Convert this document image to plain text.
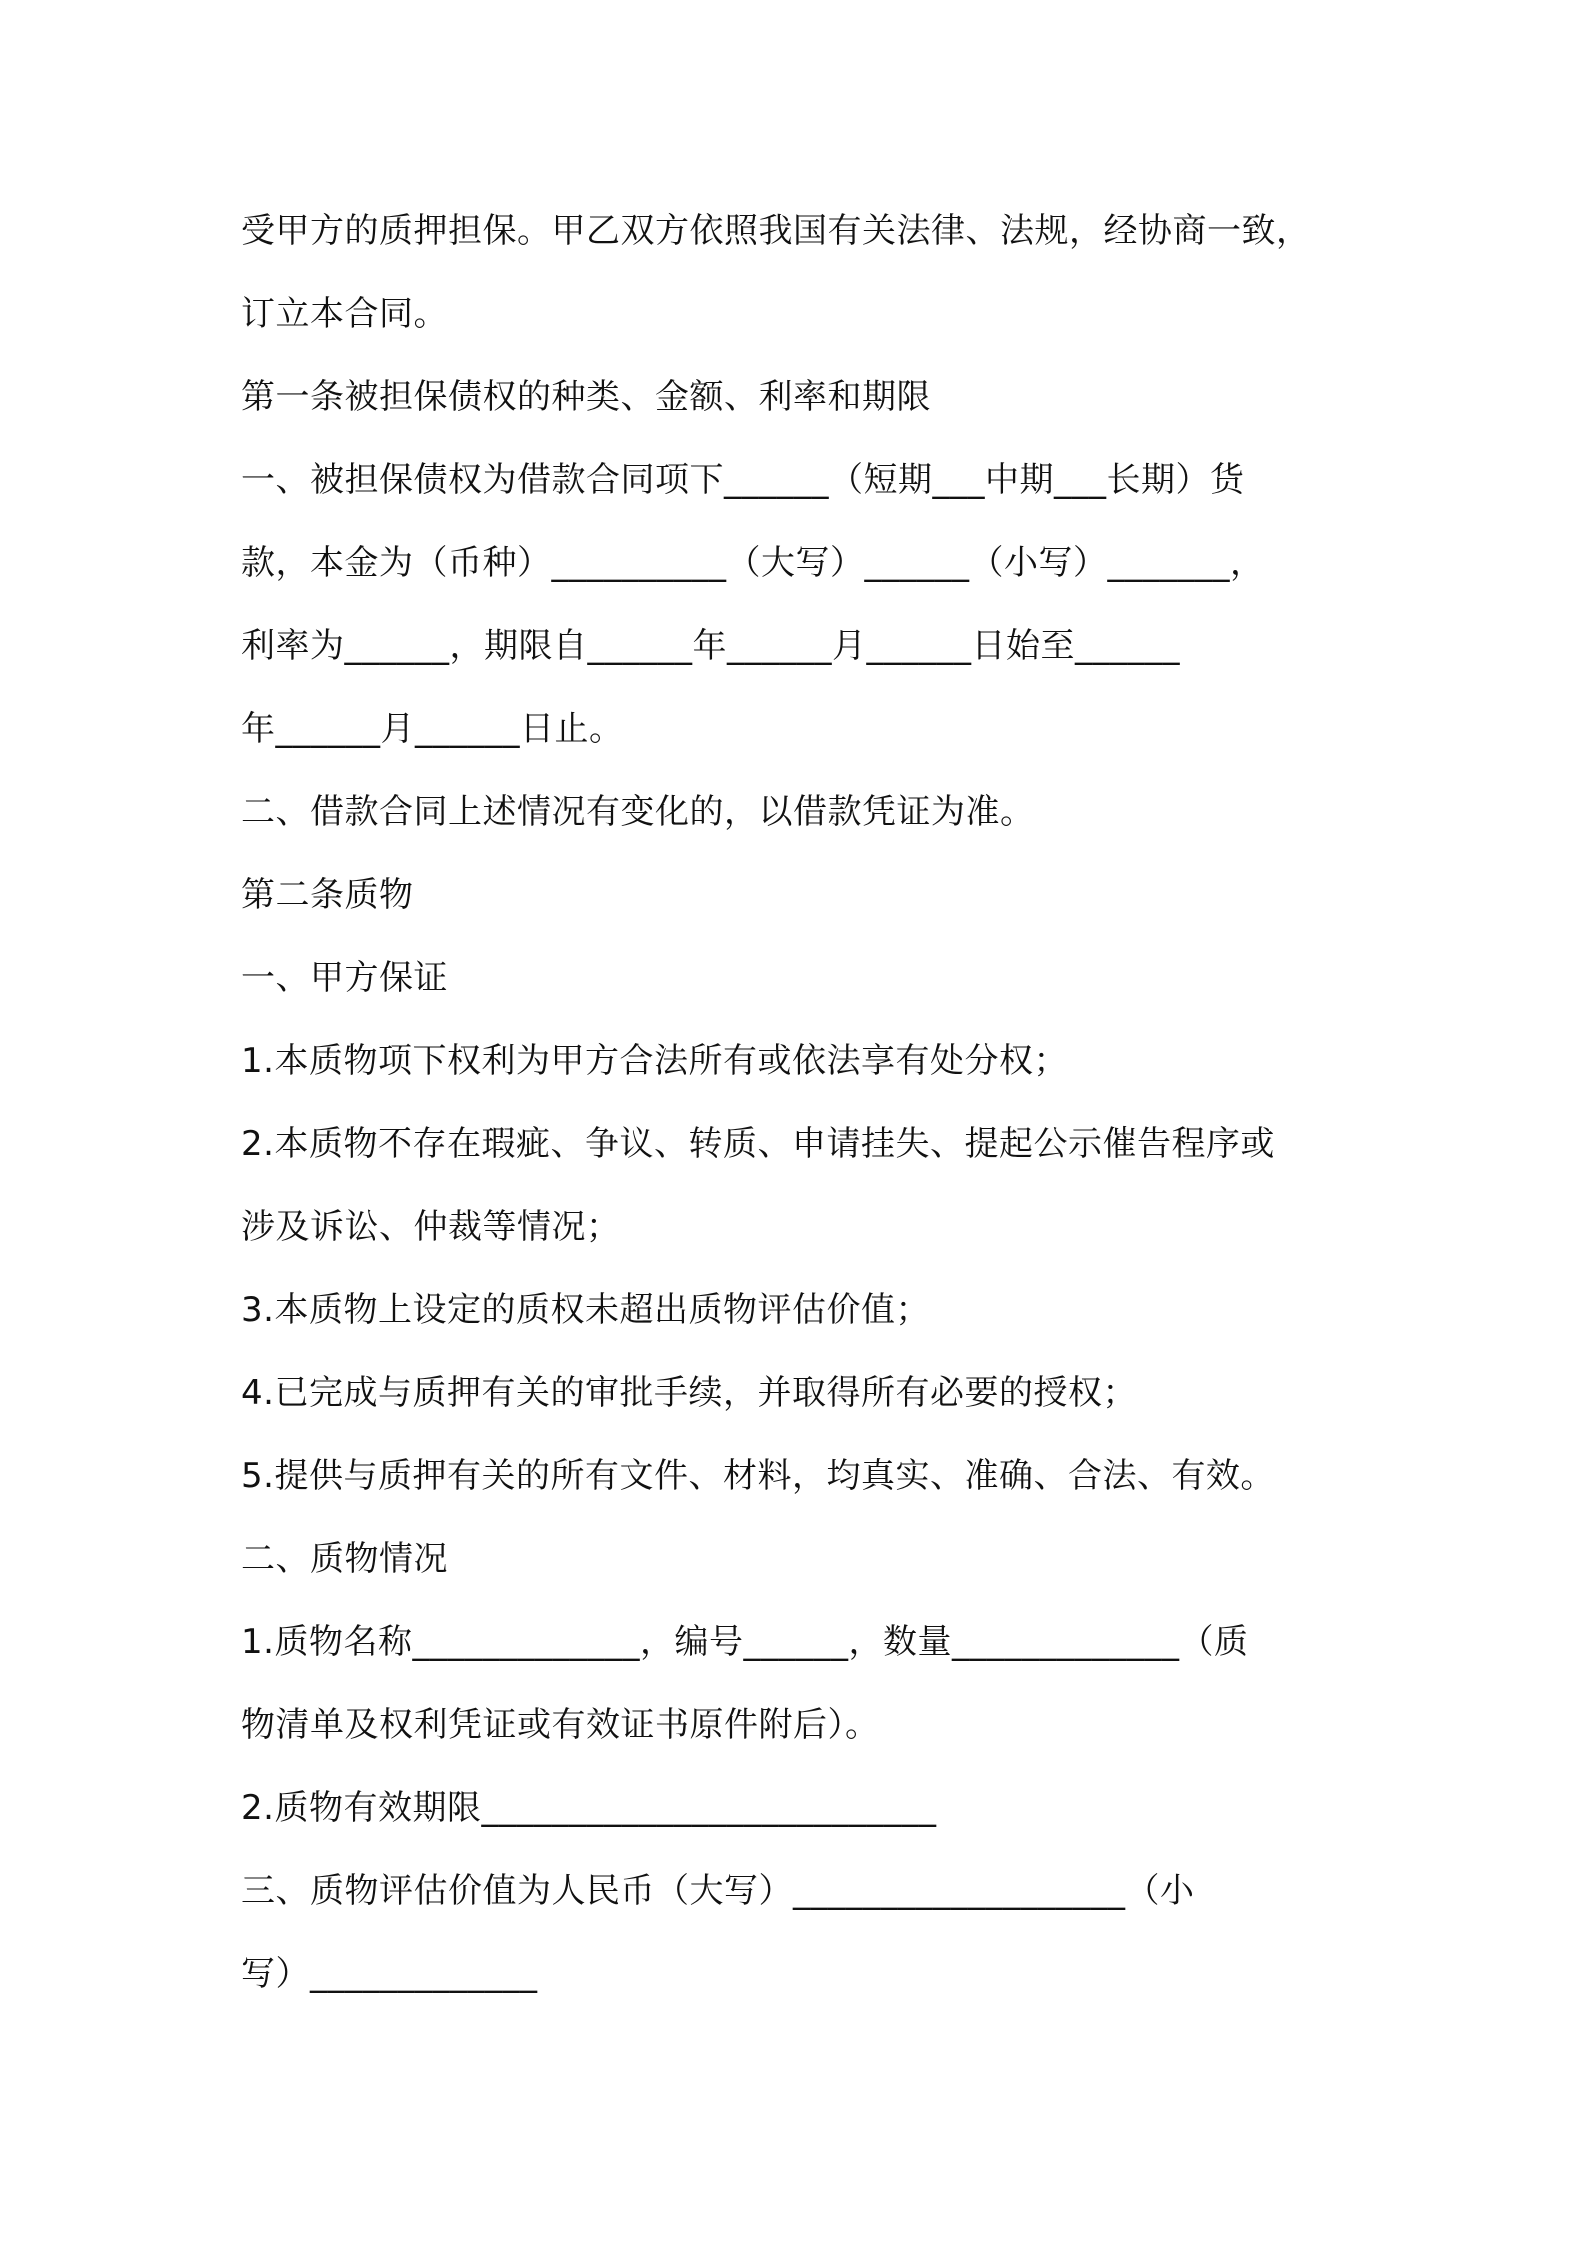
受甲方的质押担保。甲乙双方依照我国有关法律、法规，经协商一致，
订立本合同。
第一条被担保债权的种类、金额、利率和期限
一、被担保债权为借款合同项下______（短期___中期___长期）货
款，本金为（币种）__________（大写）______（小写）_______，
利率为______，期限自______年______月______日始至______
年______月______日止。
二、借款合同上述情况有变化的，以借款凭证为准。
第二条质物
一、甲方保证
1.本质物项下权利为甲方合法所有或依法享有处分权；
2.本质物不存在瑕疵、争议、转质、申请挂失、提起公示催告程序或
涉及诉讼、仲裁等情况；
3.本质物上设定的质权未超出质物评估价值；
4.已完成与质押有关的审批手续，并取得所有必要的授权；
5.提供与质押有关的所有文件、材料，均真实、准确、合法、有效。
二、质物情况
1.质物名称_____________，编号______，数量_____________（质
物清单及权利凭证或有效证书原件附后）。
2.质物有效期限__________________________
三、质物评估价值为人民币（大写）___________________（小
写）_____________
